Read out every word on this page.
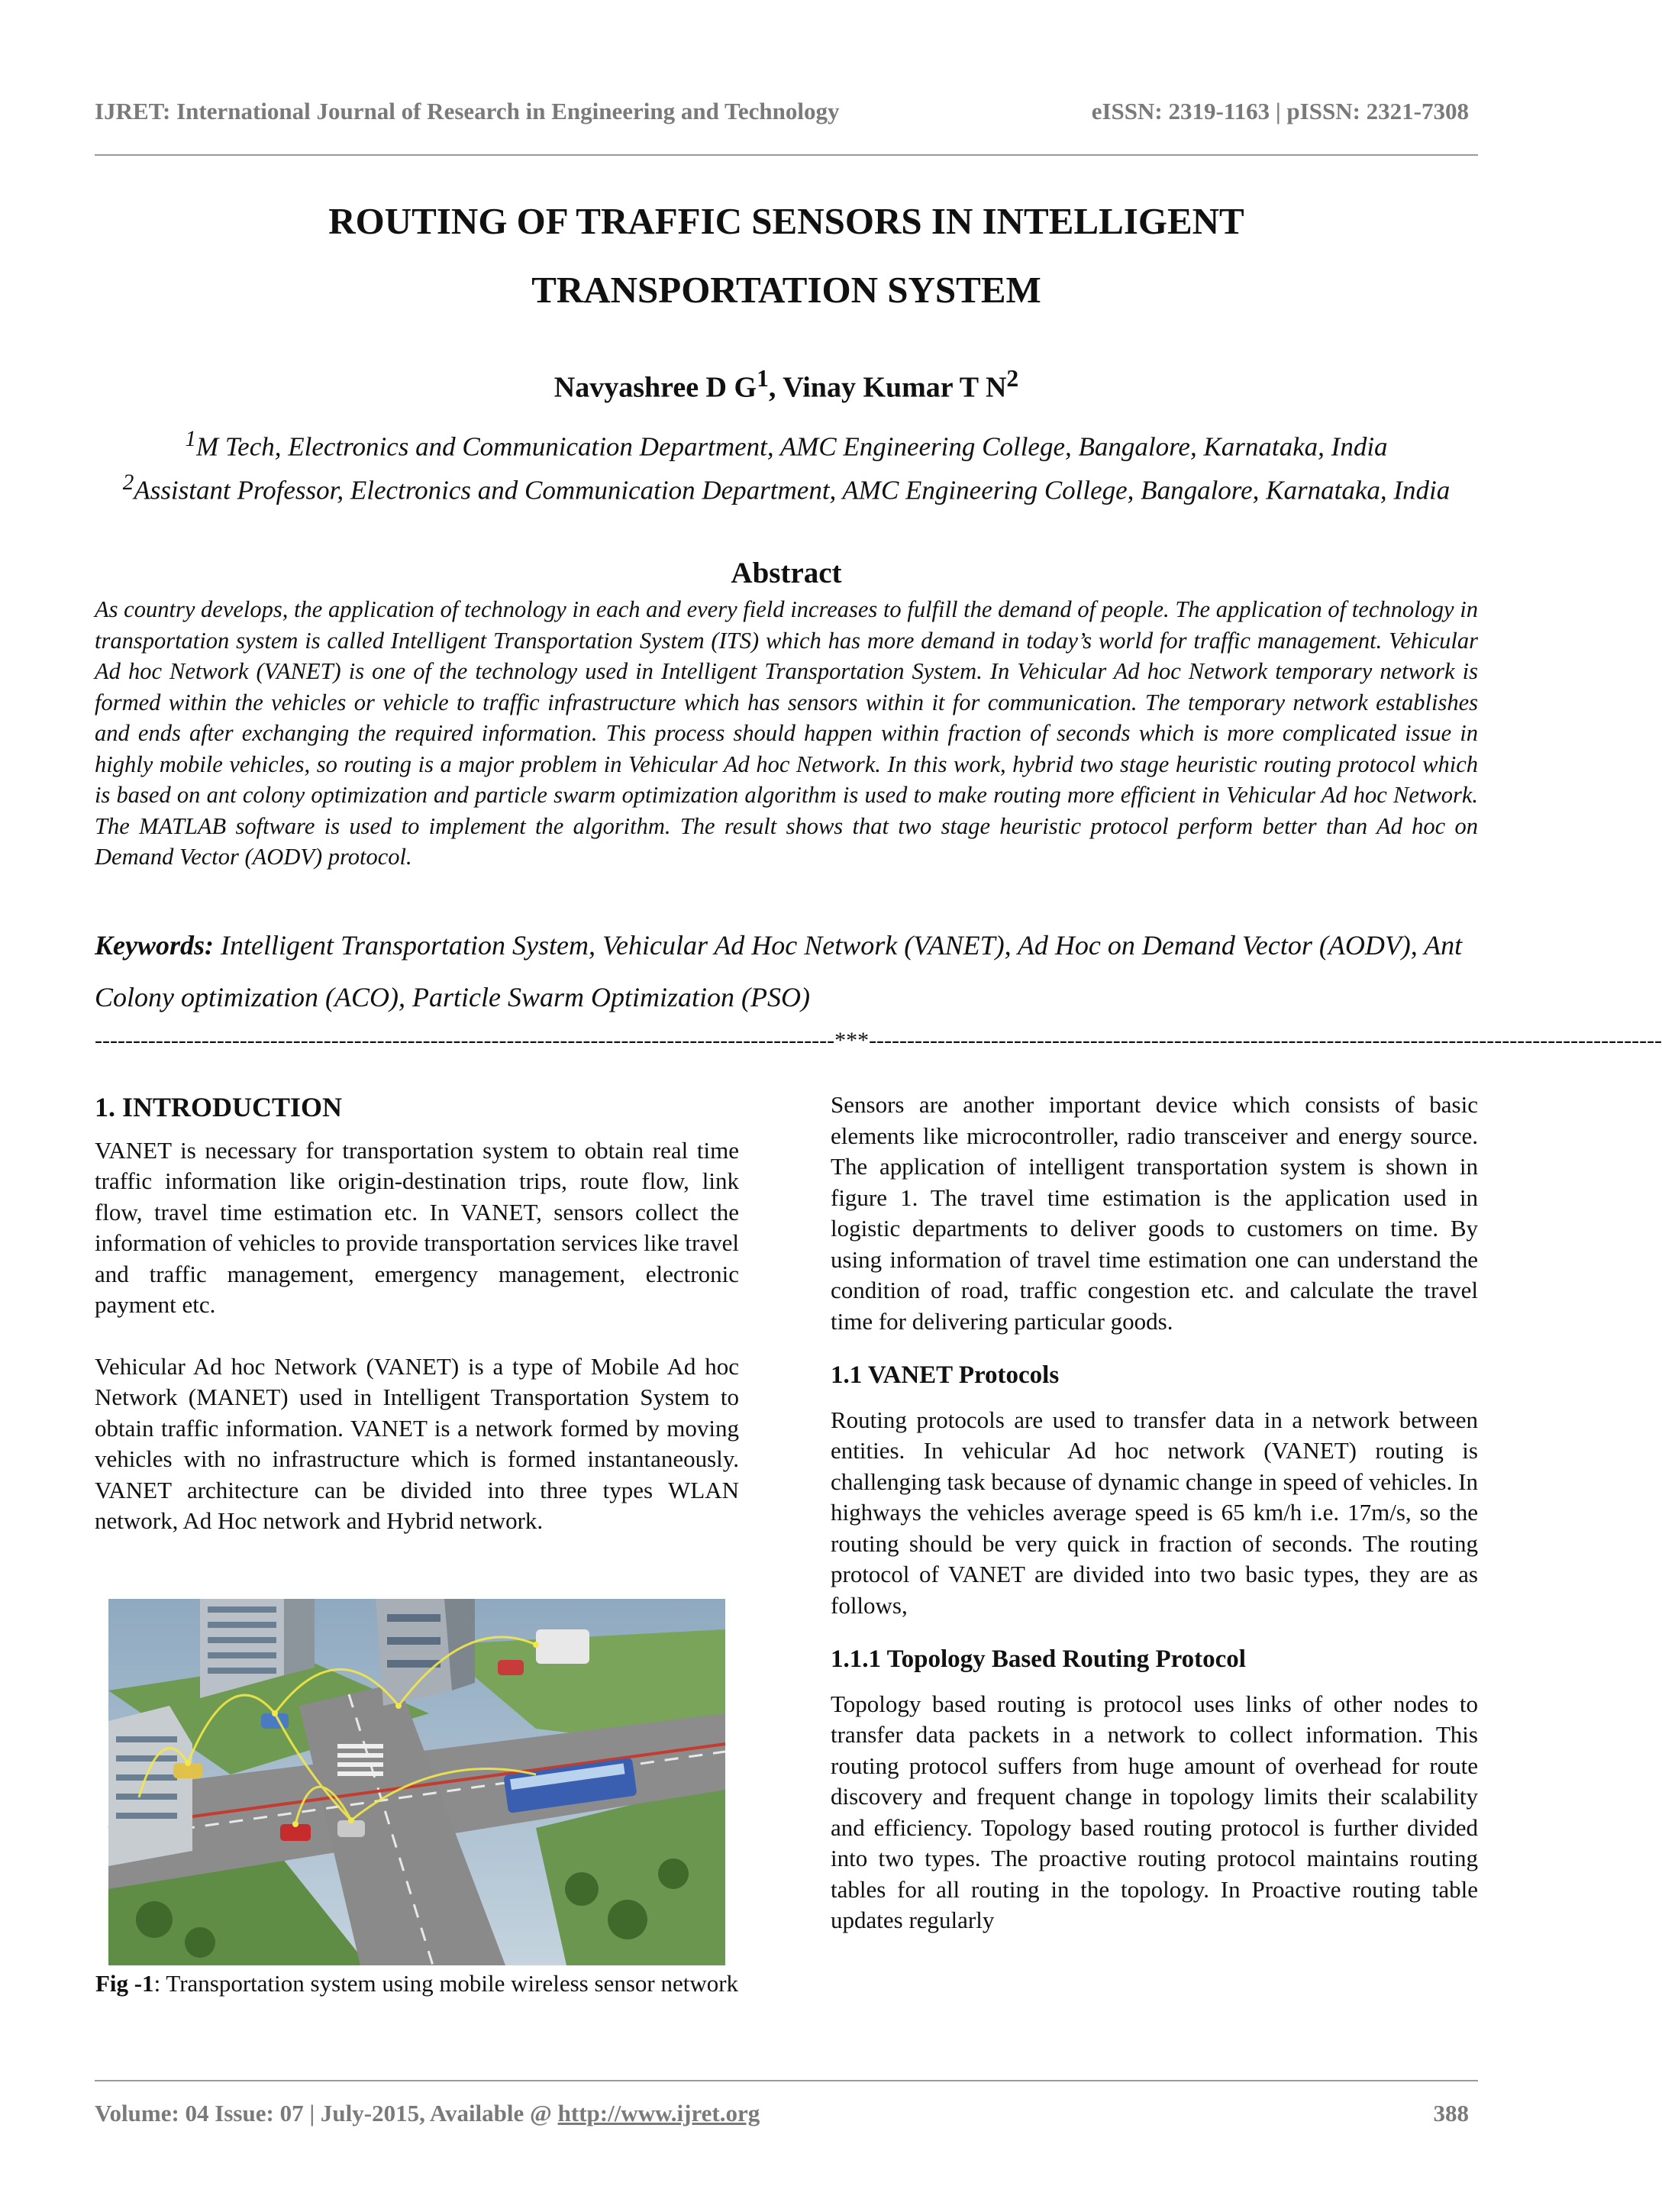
IJRET: International Journal of Research in Engineering and Technology	eISSN: 2319-1163 | pISSN: 2321-7308
ROUTING OF TRAFFIC SENSORS IN INTELLIGENT
TRANSPORTATION SYSTEM
Navyashree D $G^1$, Vinay Kumar T $N^2$
$^1$M Tech, Electronics and Communication Department, AMC Engineering College, Bangalore, Karnataka, India
$^2$Assistant Professor, Electronics and Communication Department, AMC Engineering College, Bangalore, Karnataka, India
Abstract
As country develops, the application of technology in each and every field increases to fulfill the demand of people. The application of technology in transportation system is called Intelligent Transportation System (ITS) which has more demand in today’s world for traffic management. Vehicular Ad hoc Network (VANET) is one of the technology used in Intelligent Transportation System. In Vehicular Ad hoc Network temporary network is formed within the vehicles or vehicle to traffic infrastructure which has sensors within it for communication. The temporary network establishes and ends after exchanging the required information. This process should happen within fraction of seconds which is more complicated issue in highly mobile vehicles, so routing is a major problem in Vehicular Ad hoc Network. In this work, hybrid two stage heuristic routing protocol which is based on ant colony optimization and particle swarm optimization algorithm is used to make routing more efficient in Vehicular Ad hoc Network. The MATLAB software is used to implement the algorithm. The result shows that two stage heuristic protocol perform better than Ad hoc on Demand Vector (AODV) protocol.
Keywords: Intelligent Transportation System, Vehicular Ad Hoc Network (VANET), Ad Hoc on Demand Vector (AODV), Ant Colony optimization (ACO), Particle Swarm Optimization (PSO)
-------------------------------------------------------------------------------------------------***--------------------------------------------------------------------------------------------------------
1. INTRODUCTION

VANET is necessary for transportation system to obtain real time traffic information like origin-destination trips, route flow, link flow, travel time estimation etc. In VANET, sensors collect the information of vehicles to provide transportation services like travel and traffic management, emergency management, electronic payment etc.

Vehicular Ad hoc Network (VANET) is a type of Mobile Ad hoc Network (MANET) used in Intelligent Transportation System to obtain traffic information. VANET is a network formed by moving vehicles with no infrastructure which is formed instantaneously. VANET architecture can be divided into three types WLAN network, Ad Hoc network and Hybrid network.

Fig -1: Transportation system using mobile wireless sensor network

Sensors are another important device which consists of basic elements like microcontroller, radio transceiver and energy source. The application of intelligent transportation system is shown in figure 1. The travel time estimation is the application used in logistic departments to deliver goods to customers on time. By using information of travel time estimation one can understand the condition of road, traffic congestion etc. and calculate the travel time for delivering particular goods.

1.1 VANET Protocols

Routing protocols are used to transfer data in a network between entities. In vehicular Ad hoc network (VANET) routing is challenging task because of dynamic change in speed of vehicles. In highways the vehicles average speed is 65 km/h i.e. 17m/s, so the routing should be very quick in fraction of seconds. The routing protocol of VANET are divided into two basic types, they are as follows,

1.1.1 Topology Based Routing Protocol

Topology based routing is protocol uses links of other nodes to transfer data packets in a network to collect information. This routing protocol suffers from huge amount of overhead for route discovery and frequent change in topology limits their scalability and efficiency. Topology based routing protocol is further divided into two types. The proactive routing protocol maintains routing tables for all routing in the topology. In Proactive routing table updates regularly

Volume: 04 Issue: 07 | July-2015, Available @ http://www.ijret.org	388
